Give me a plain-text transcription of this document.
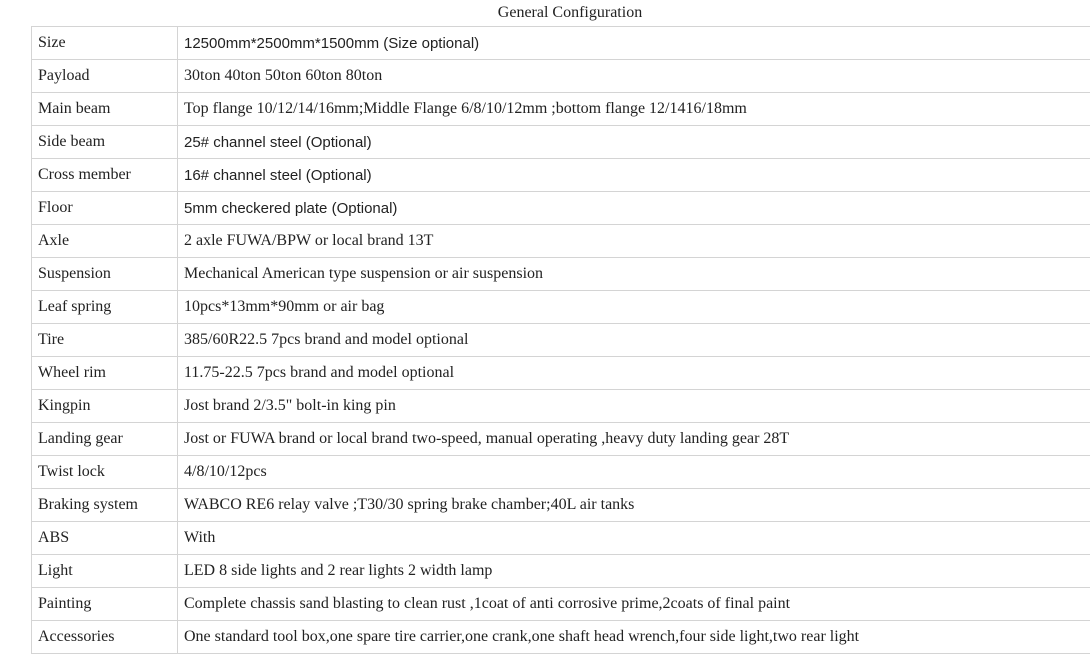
General Configuration
Size	12500mm*2500mm*1500mm (Size optional)
Payload	30ton 40ton 50ton 60ton 80ton
Main beam	Top flange 10/12/14/16mm;Middle Flange 6/8/10/12mm ;bottom flange 12/1416/18mm
Side beam	25# channel steel (Optional)
Cross member	16# channel steel (Optional)
Floor	5mm checkered plate (Optional)
Axle	2 axle FUWA/BPW or local brand 13T
Suspension	Mechanical American type suspension or air suspension
Leaf spring	10pcs*13mm*90mm or air bag
Tire	385/60R22.5 7pcs brand and model optional
Wheel rim	11.75-22.5 7pcs brand and model optional
Kingpin	Jost brand 2/3.5" bolt-in king pin
Landing gear	Jost or FUWA brand or local brand two-speed, manual operating ,heavy duty landing gear 28T
Twist lock	4/8/10/12pcs
Braking system	WABCO RE6 relay valve ;T30/30 spring brake chamber;40L air tanks
ABS	With
Light	LED 8 side lights and 2 rear lights 2 width lamp
Painting	Complete chassis sand blasting to clean rust ,1coat of anti corrosive prime,2coats of final paint
Accessories	One standard tool box,one spare tire carrier,one crank,one shaft head wrench,four side light,two rear light
